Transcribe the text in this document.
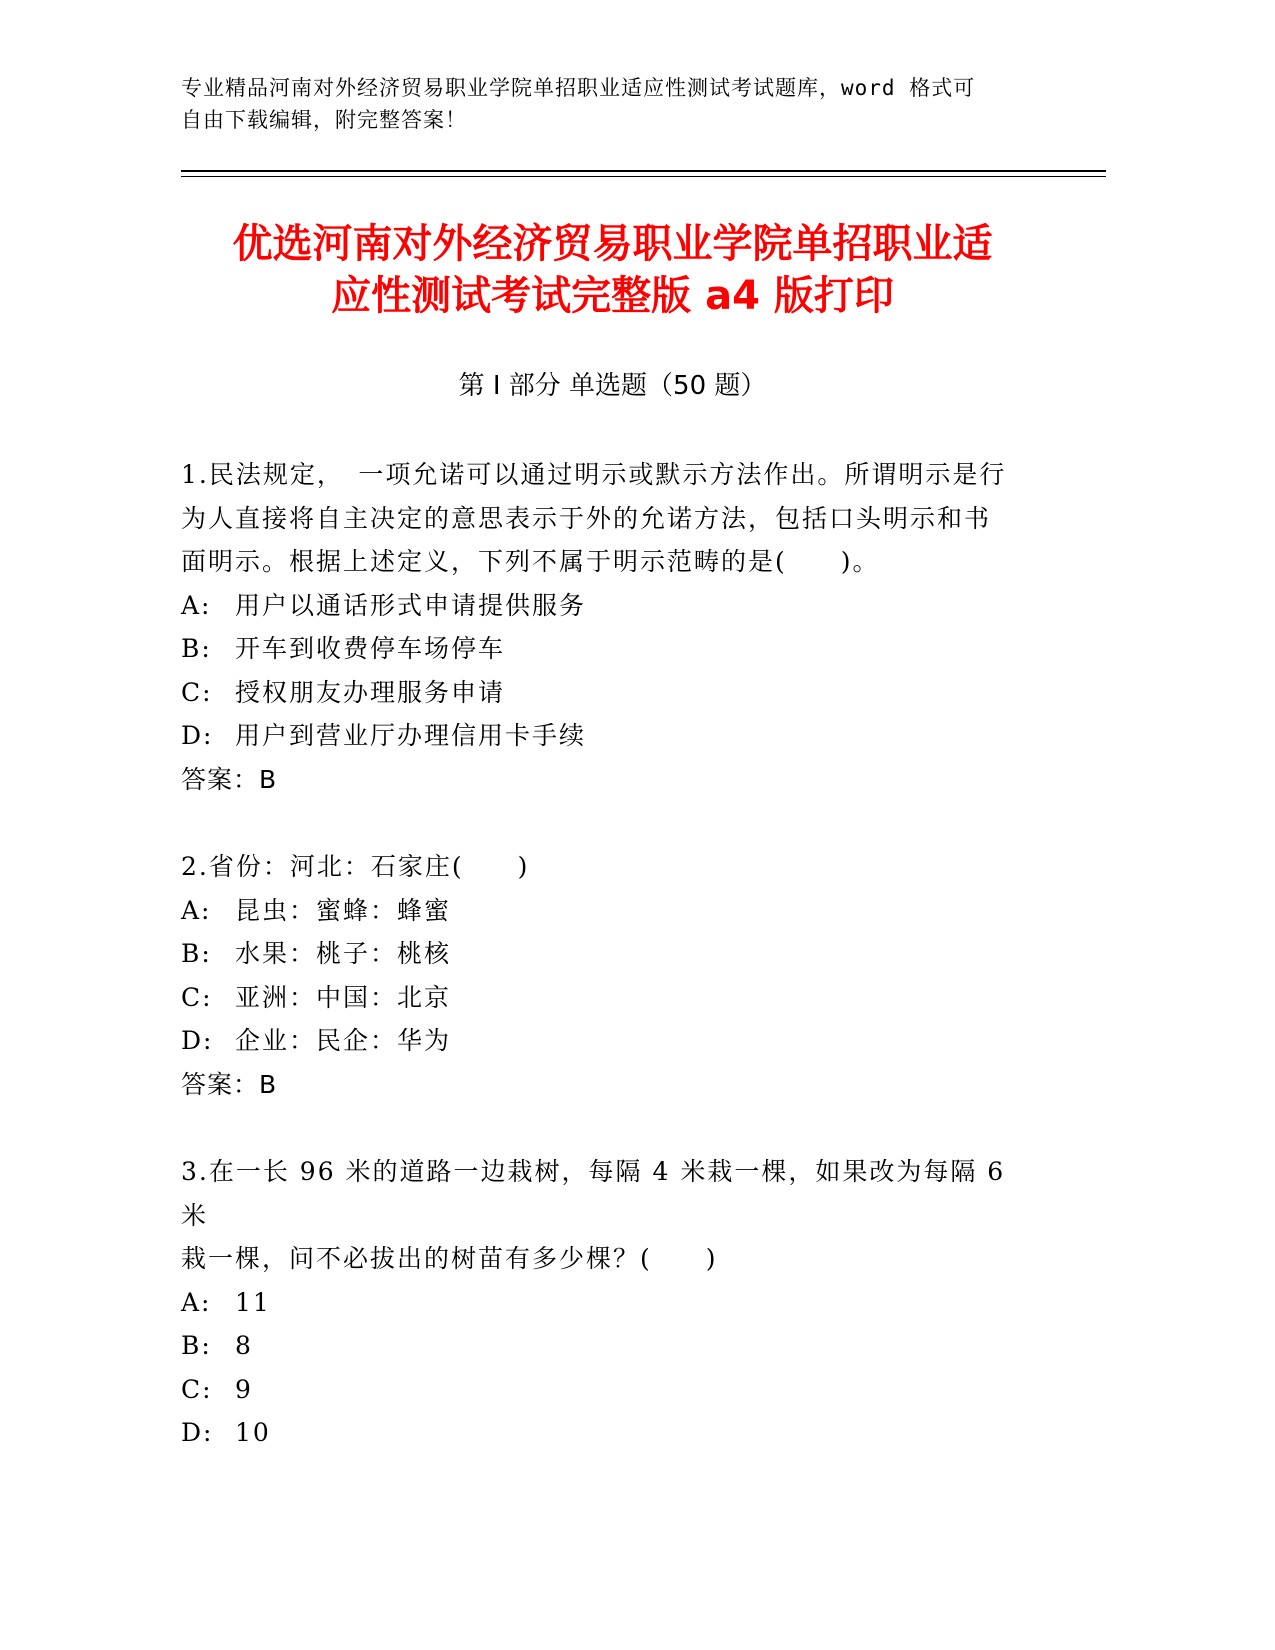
专业精品河南对外经济贸易职业学院单招职业适应性测试考试题库，word 格式可
自由下载编辑，附完整答案！
优选河南对外经济贸易职业学院单招职业适
应性测试考试完整版 a4 版打印
第 I 部分 单选题（50 题）
1.民法规定，　一项允诺可以通过明示或默示方法作出。所谓明示是行
为人直接将自主决定的意思表示于外的允诺方法，包括口头明示和书
面明示。根据上述定义，下列不属于明示范畴的是(　　)。
A: 用户以通话形式申请提供服务
B: 开车到收费停车场停车
C: 授权朋友办理服务申请
D: 用户到营业厅办理信用卡手续
答案：B
2.省份：河北：石家庄(　　)
A: 昆虫：蜜蜂：蜂蜜
B: 水果：桃子：桃核
C: 亚洲：中国：北京
D: 企业：民企：华为
答案：B
3.在一长 96 米的道路一边栽树，每隔 4 米栽一棵，如果改为每隔 6 米
栽一棵，问不必拔出的树苗有多少棵？(　　)
A: 11
B: 8
C: 9
D: 10
